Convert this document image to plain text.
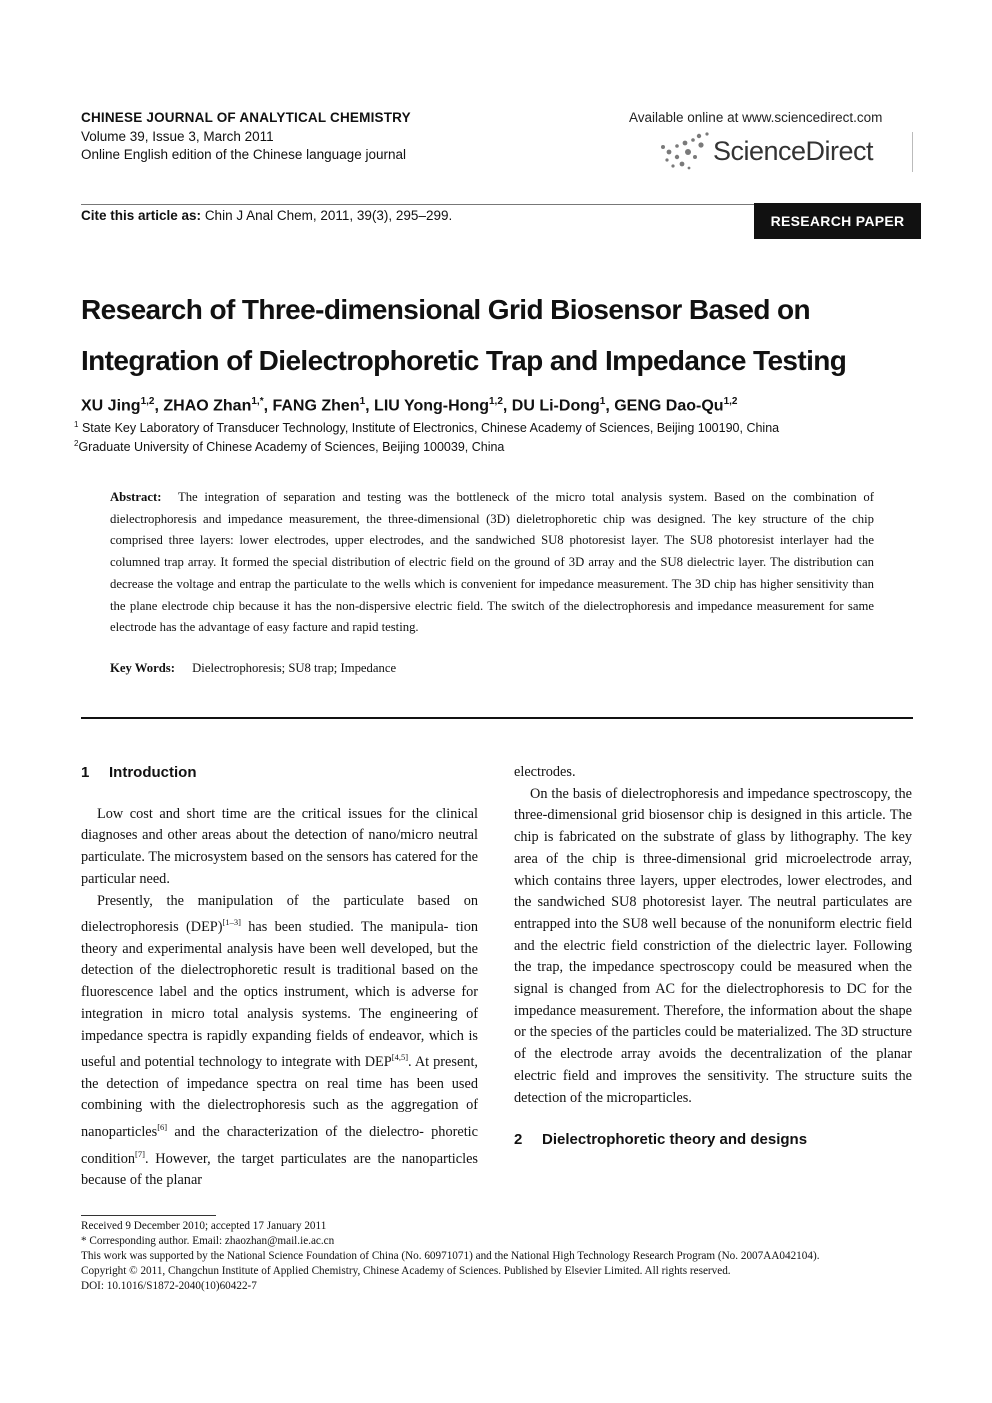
CHINESE JOURNAL OF ANALYTICAL CHEMISTRY
Volume 39, Issue 3, March 2011
Online English edition of the Chinese language journal
Available online at www.sciencedirect.com
ScienceDirect
Cite this article as: Chin J Anal Chem, 2011, 39(3), 295–299.	RESEARCH PAPER
Research of Three-dimensional Grid Biosensor Based on
Integration of Dielectrophoretic Trap and Impedance Testing
XU Jing$^{1,2}$, ZHAO Zhan$^{1,*}$, FANG Zhen$^1$, LIU Yong-Hong$^{1,2}$, DU Li-Dong$^1$, GENG Dao-Qu$^{1,2}$
$^1$ State Key Laboratory of Transducer Technology, Institute of Electronics, Chinese Academy of Sciences, Beijing 100190, China
$^2$Graduate University of Chinese Academy of Sciences, Beijing 100039, China
Abstract: The integration of separation and testing was the bottleneck of the micro total analysis system. Based on the combination of dielectrophoresis and impedance measurement, the three-dimensional (3D) dieletrophoretic chip was designed. The key structure of the chip comprised three layers: lower electrodes, upper electrodes, and the sandwiched SU8 photoresist layer. The SU8 photoresist interlayer had the columned trap array. It formed the special distribution of electric field on the ground of 3D array and the SU8 dielectric layer. The distribution can decrease the voltage and entrap the particulate to the wells which is convenient for impedance measurement. The 3D chip has higher sensitivity than the plane electrode chip because it has the non-dispersive electric field. The switch of the dielectrophoresis and impedance measurement for same electrode has the advantage of easy facture and rapid testing.
Key Words: Dielectrophoresis; SU8 trap; Impedance

1 Introduction

Low cost and short time are the critical issues for the clinical diagnoses and other areas about the detection of nano/micro neutral particulate. The microsystem based on the sensors has catered for the particular need.

Presently, the manipulation of the particulate based on dielectrophoresis (DEP)[1–3] has been studied. The manipula- tion theory and experimental analysis have been well developed, but the detection of the dielectrophoretic result is traditional based on the fluorescence label and the optics instrument, which is adverse for integration in micro total analysis systems. The engineering of impedance spectra is rapidly expanding fields of endeavor, which is useful and potential technology to integrate with DEP[4,5]. At present, the detection of impedance spectra on real time has been used combining with the dielectrophoresis such as the aggregation of nanoparticles[6] and the characterization of the dielectro- phoretic condition[7]. However, the target particulates are the nanoparticles because of the planar

electrodes.

On the basis of dielectrophoresis and impedance spectroscopy, the three-dimensional grid biosensor chip is designed in this article. The chip is fabricated on the substrate of glass by lithography. The key area of the chip is three-dimensional grid microelectrode array, which contains three layers, upper electrodes, lower electrodes, and the sandwiched SU8 photoresist layer. The neutral particulates are entrapped into the SU8 well because of the nonuniform electric field and the electric field constriction of the dielectric layer. Following the trap, the impedance spectroscopy could be measured when the signal is changed from AC for the dielectrophoresis to DC for the impedance measurement. Therefore, the information about the shape or the species of the particles could be materialized. The 3D structure of the electrode array avoids the decentralization of the planar electric field and improves the sensitivity. The structure suits the detection of the microparticles.

2 Dielectrophoretic theory and designs

Received 9 December 2010; accepted 17 January 2011
* Corresponding author. Email: zhaozhan@mail.ie.ac.cn
This work was supported by the National Science Foundation of China (No. 60971071) and the National High Technology Research Program (No. 2007AA042104).
Copyright © 2011, Changchun Institute of Applied Chemistry, Chinese Academy of Sciences. Published by Elsevier Limited. All rights reserved.
DOI: 10.1016/S1872-2040(10)60422-7
